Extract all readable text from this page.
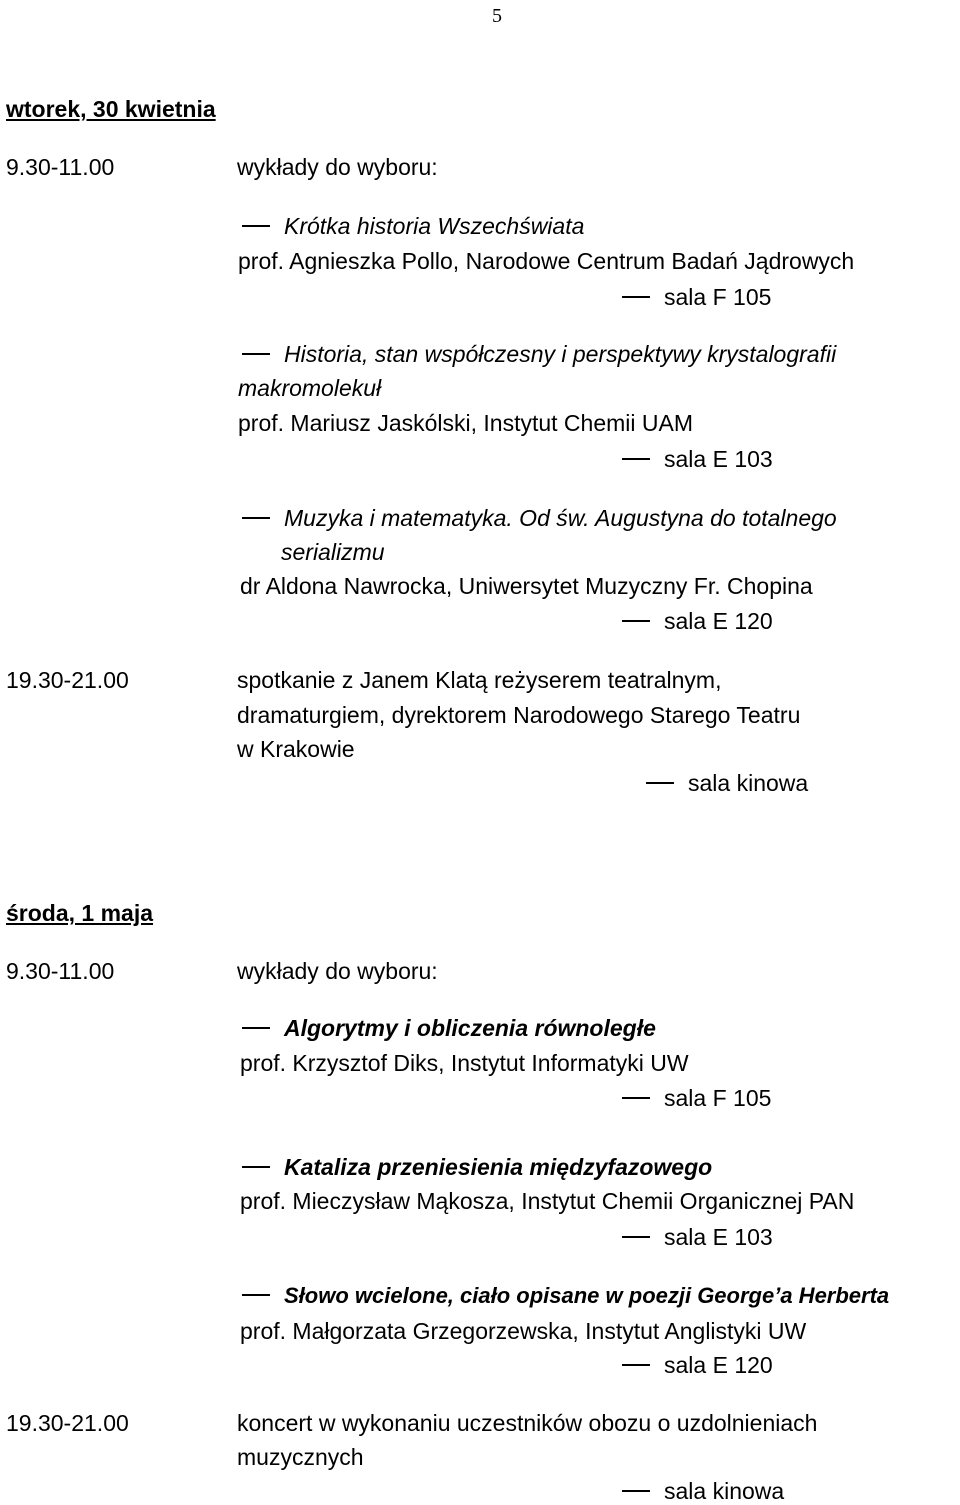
5
wtorek, 30 kwietnia
9.30-11.00	wykłady do wyboru:
Krótka historia Wszechświata
prof. Agnieszka Pollo, Narodowe Centrum Badań Jądrowych
sala F 105
Historia, stan współczesny i perspektywy krystalografii
makromolekuł
prof. Mariusz Jaskólski, Instytut Chemii UAM
sala E 103
Muzyka i matematyka. Od św. Augustyna do totalnego
serializmu
dr Aldona Nawrocka, Uniwersytet Muzyczny Fr. Chopina
sala E 120
19.30-21.00	spotkanie z Janem Klatą reżyserem teatralnym,
dramaturgiem, dyrektorem Narodowego Starego Teatru
w Krakowie
sala kinowa
środa, 1 maja
9.30-11.00	wykłady do wyboru:
Algorytmy i obliczenia równoległe
prof. Krzysztof Diks, Instytut Informatyki UW
sala F 105
Kataliza przeniesienia międzyfazowego
prof. Mieczysław Mąkosza, Instytut Chemii Organicznej PAN
sala E 103
Słowo wcielone, ciało opisane w poezji George’a Herberta
prof. Małgorzata Grzegorzewska, Instytut Anglistyki UW
sala E 120
19.30-21.00	koncert w wykonaniu uczestników obozu o uzdolnieniach
muzycznych
sala kinowa
